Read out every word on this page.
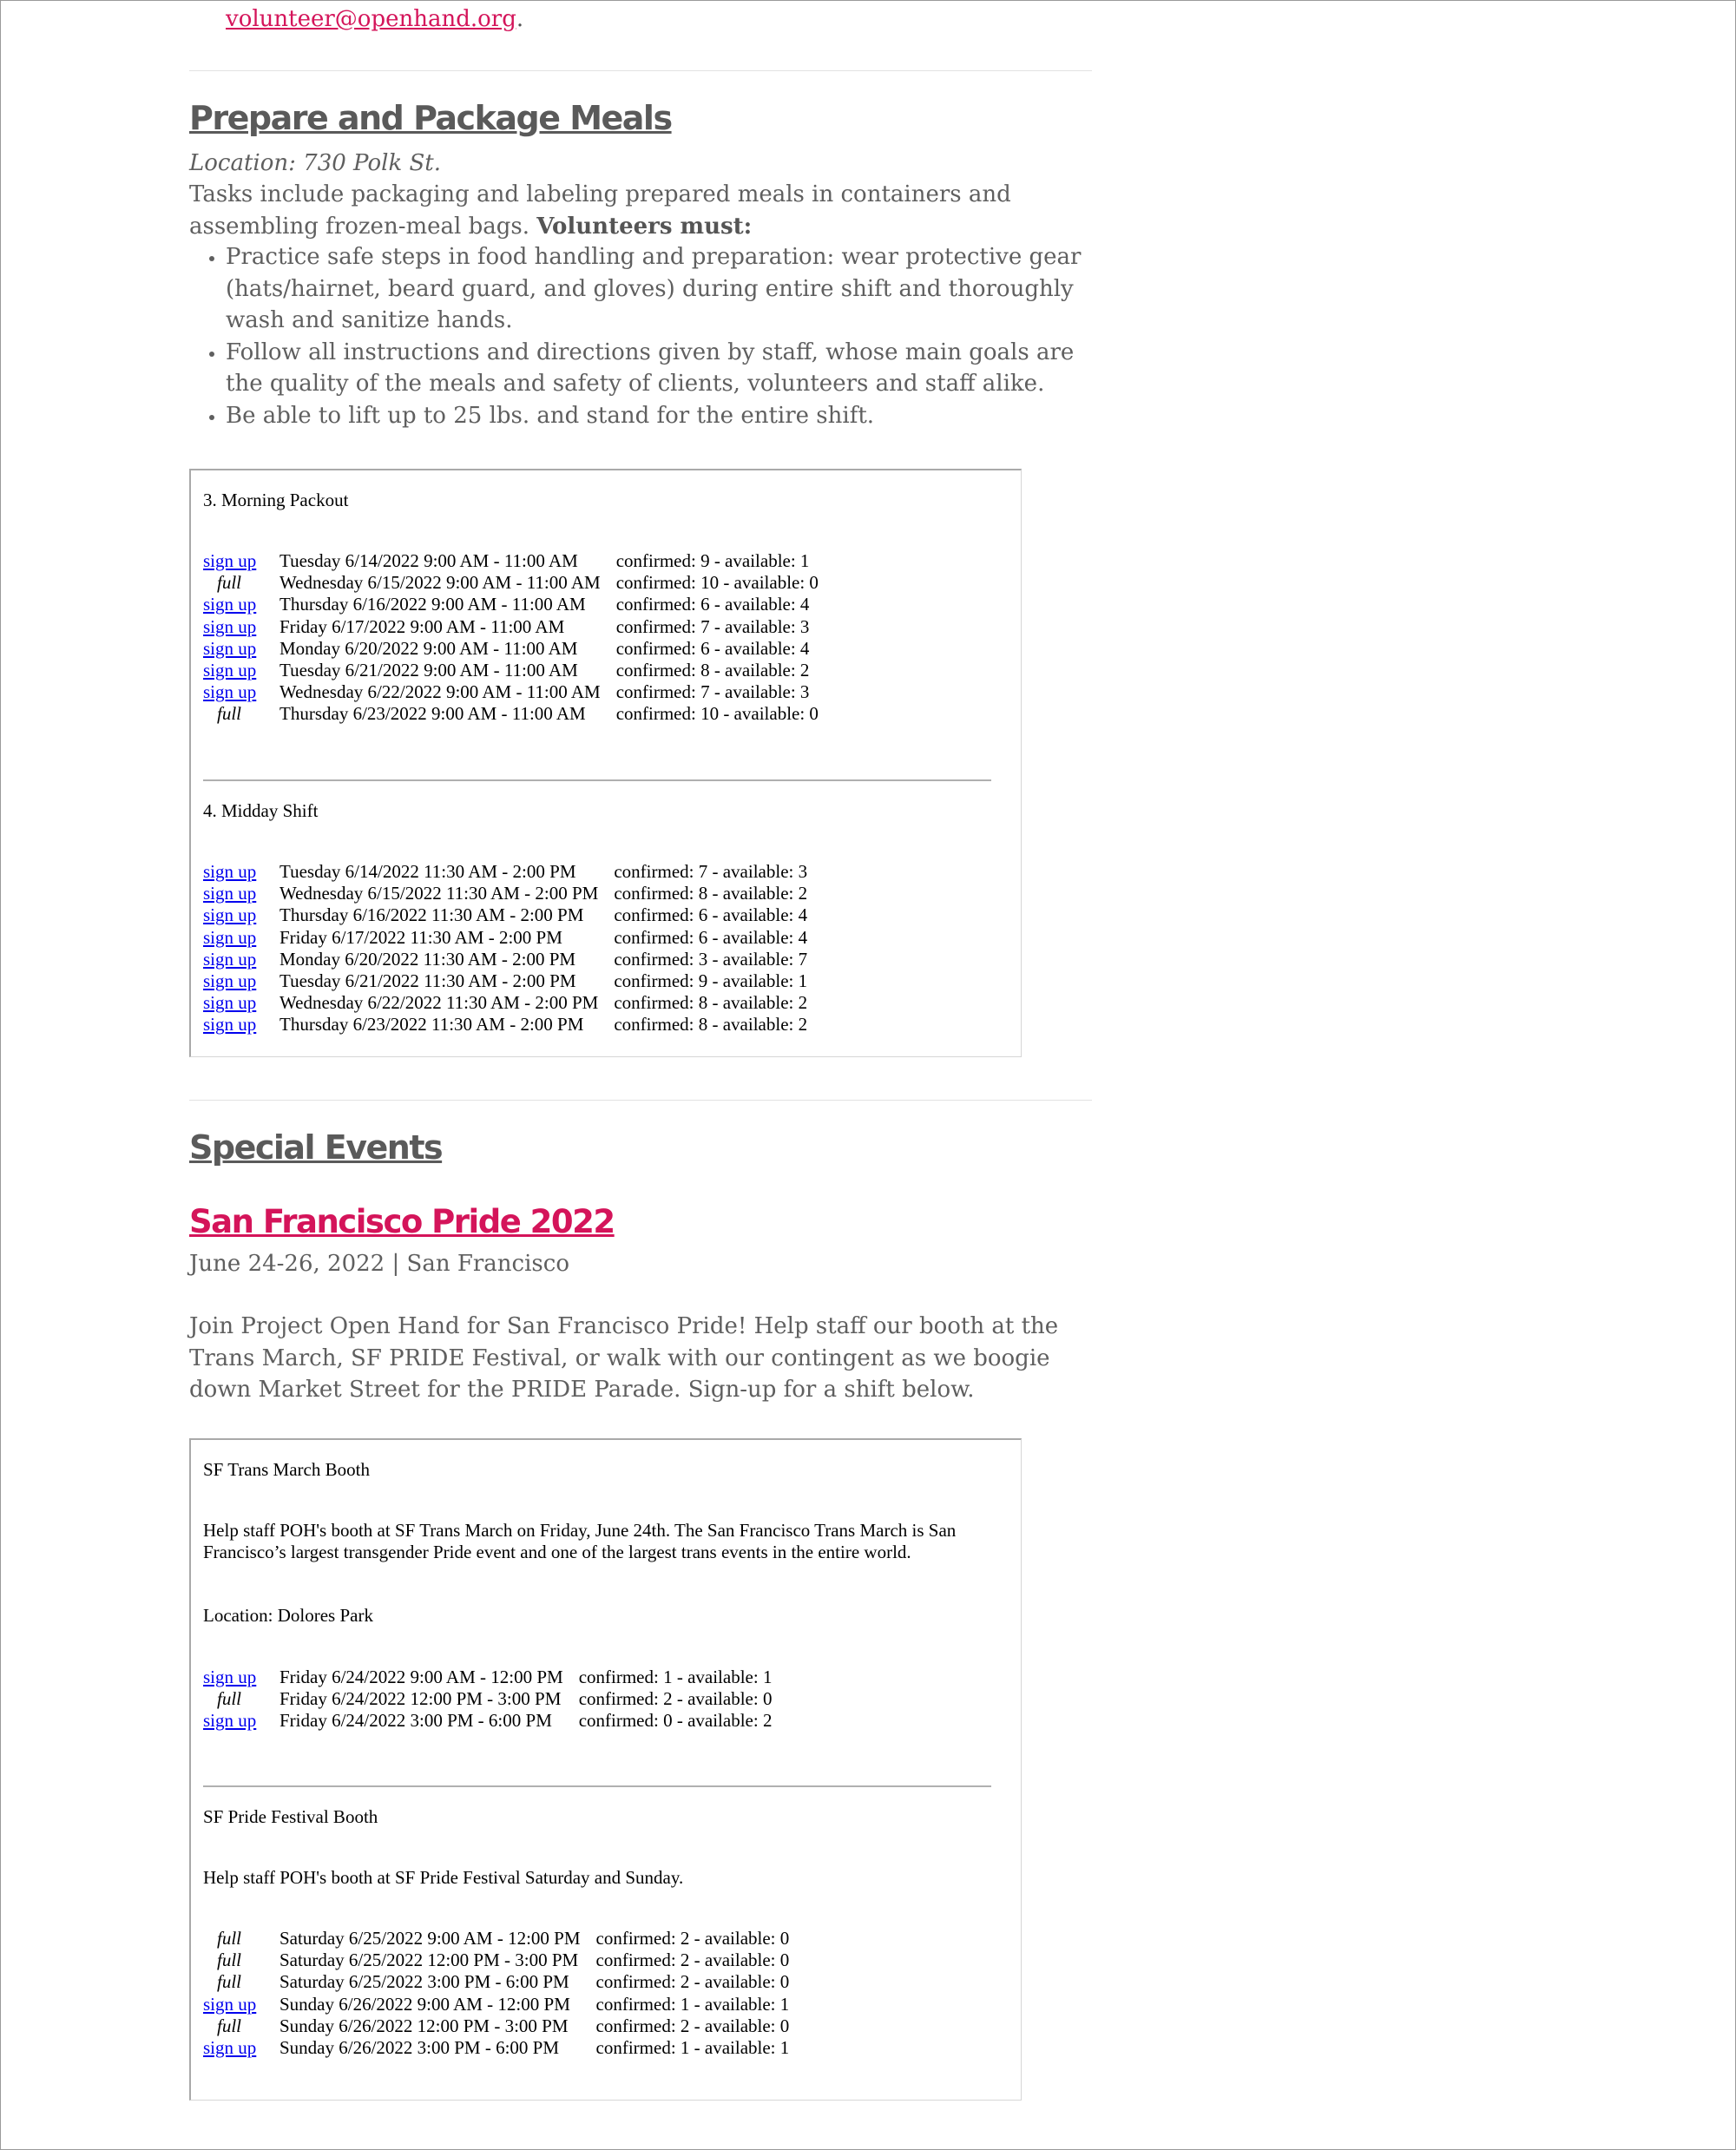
volunteer@openhand.org.
Prepare and Package Meals
Location: 730 Polk St.
Tasks include packaging and labeling prepared meals in containers and assembling frozen-meal bags. Volunteers must:
• Practice safe steps in food handling and preparation: wear protective gear (hats/hairnet, beard guard, and gloves) during entire shift and thoroughly wash and sanitize hands.
• Follow all instructions and directions given by staff, whose main goals are the quality of the meals and safety of clients, volunteers and staff alike.
• Be able to lift up to 25 lbs. and stand for the entire shift.
3. Morning Packout
sign up	Tuesday 6/14/2022 9:00 AM - 11:00 AM	confirmed: 9 - available: 1
full	Wednesday 6/15/2022 9:00 AM - 11:00 AM	confirmed: 10 - available: 0
sign up	Thursday 6/16/2022 9:00 AM - 11:00 AM	confirmed: 6 - available: 4
sign up	Friday 6/17/2022 9:00 AM - 11:00 AM	confirmed: 7 - available: 3
sign up	Monday 6/20/2022 9:00 AM - 11:00 AM	confirmed: 6 - available: 4
sign up	Tuesday 6/21/2022 9:00 AM - 11:00 AM	confirmed: 8 - available: 2
sign up	Wednesday 6/22/2022 9:00 AM - 11:00 AM	confirmed: 7 - available: 3
full	Thursday 6/23/2022 9:00 AM - 11:00 AM	confirmed: 10 - available: 0
4. Midday Shift
sign up	Tuesday 6/14/2022 11:30 AM - 2:00 PM	confirmed: 7 - available: 3
sign up	Wednesday 6/15/2022 11:30 AM - 2:00 PM	confirmed: 8 - available: 2
sign up	Thursday 6/16/2022 11:30 AM - 2:00 PM	confirmed: 6 - available: 4
sign up	Friday 6/17/2022 11:30 AM - 2:00 PM	confirmed: 6 - available: 4
sign up	Monday 6/20/2022 11:30 AM - 2:00 PM	confirmed: 3 - available: 7
sign up	Tuesday 6/21/2022 11:30 AM - 2:00 PM	confirmed: 9 - available: 1
sign up	Wednesday 6/22/2022 11:30 AM - 2:00 PM	confirmed: 8 - available: 2
sign up	Thursday 6/23/2022 11:30 AM - 2:00 PM	confirmed: 8 - available: 2
Special Events
San Francisco Pride 2022
June 24-26, 2022 | San Francisco
Join Project Open Hand for San Francisco Pride! Help staff our booth at the Trans March, SF PRIDE Festival, or walk with our contingent as we boogie down Market Street for the PRIDE Parade. Sign-up for a shift below.
SF Trans March Booth
Help staff POH's booth at SF Trans March on Friday, June 24th. The San Francisco Trans March is San Francisco’s largest transgender Pride event and one of the largest trans events in the entire world.
Location: Dolores Park
sign up	Friday 6/24/2022 9:00 AM - 12:00 PM	confirmed: 1 - available: 1
full	Friday 6/24/2022 12:00 PM - 3:00 PM	confirmed: 2 - available: 0
sign up	Friday 6/24/2022 3:00 PM - 6:00 PM	confirmed: 0 - available: 2
SF Pride Festival Booth
Help staff POH's booth at SF Pride Festival Saturday and Sunday.
full	Saturday 6/25/2022 9:00 AM - 12:00 PM	confirmed: 2 - available: 0
full	Saturday 6/25/2022 12:00 PM - 3:00 PM	confirmed: 2 - available: 0
full	Saturday 6/25/2022 3:00 PM - 6:00 PM	confirmed: 2 - available: 0
sign up	Sunday 6/26/2022 9:00 AM - 12:00 PM	confirmed: 1 - available: 1
full	Sunday 6/26/2022 12:00 PM - 3:00 PM	confirmed: 2 - available: 0
sign up	Sunday 6/26/2022 3:00 PM - 6:00 PM	confirmed: 1 - available: 1
